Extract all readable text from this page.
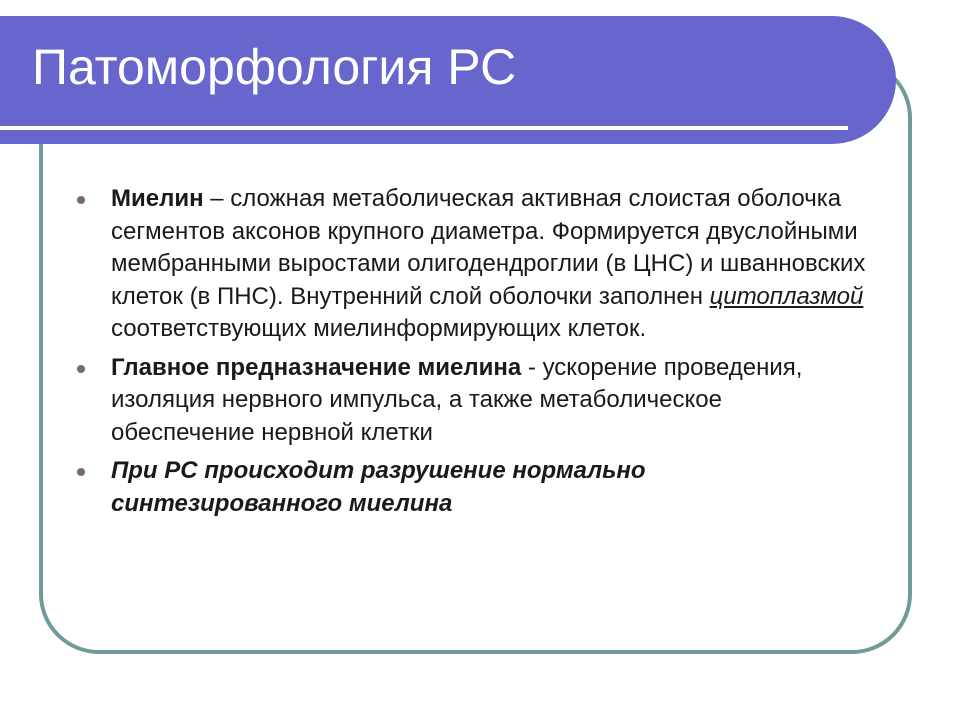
Патоморфология РС
Миелин – сложная метаболическая активная слоистая оболочка сегментов аксонов крупного диаметра. Формируется двуслойными мембранными выростами олигодендроглии (в ЦНС) и шванновских клеток (в ПНС). Внутренний слой оболочки заполнен цитоплазмой соответствующих миелинформирующих клеток.
Главное предназначение миелина - ускорение проведения, изоляция нервного импульса, а также метаболическое обеспечение нервной клетки
При РС происходит разрушение нормально синтезированного миелина
